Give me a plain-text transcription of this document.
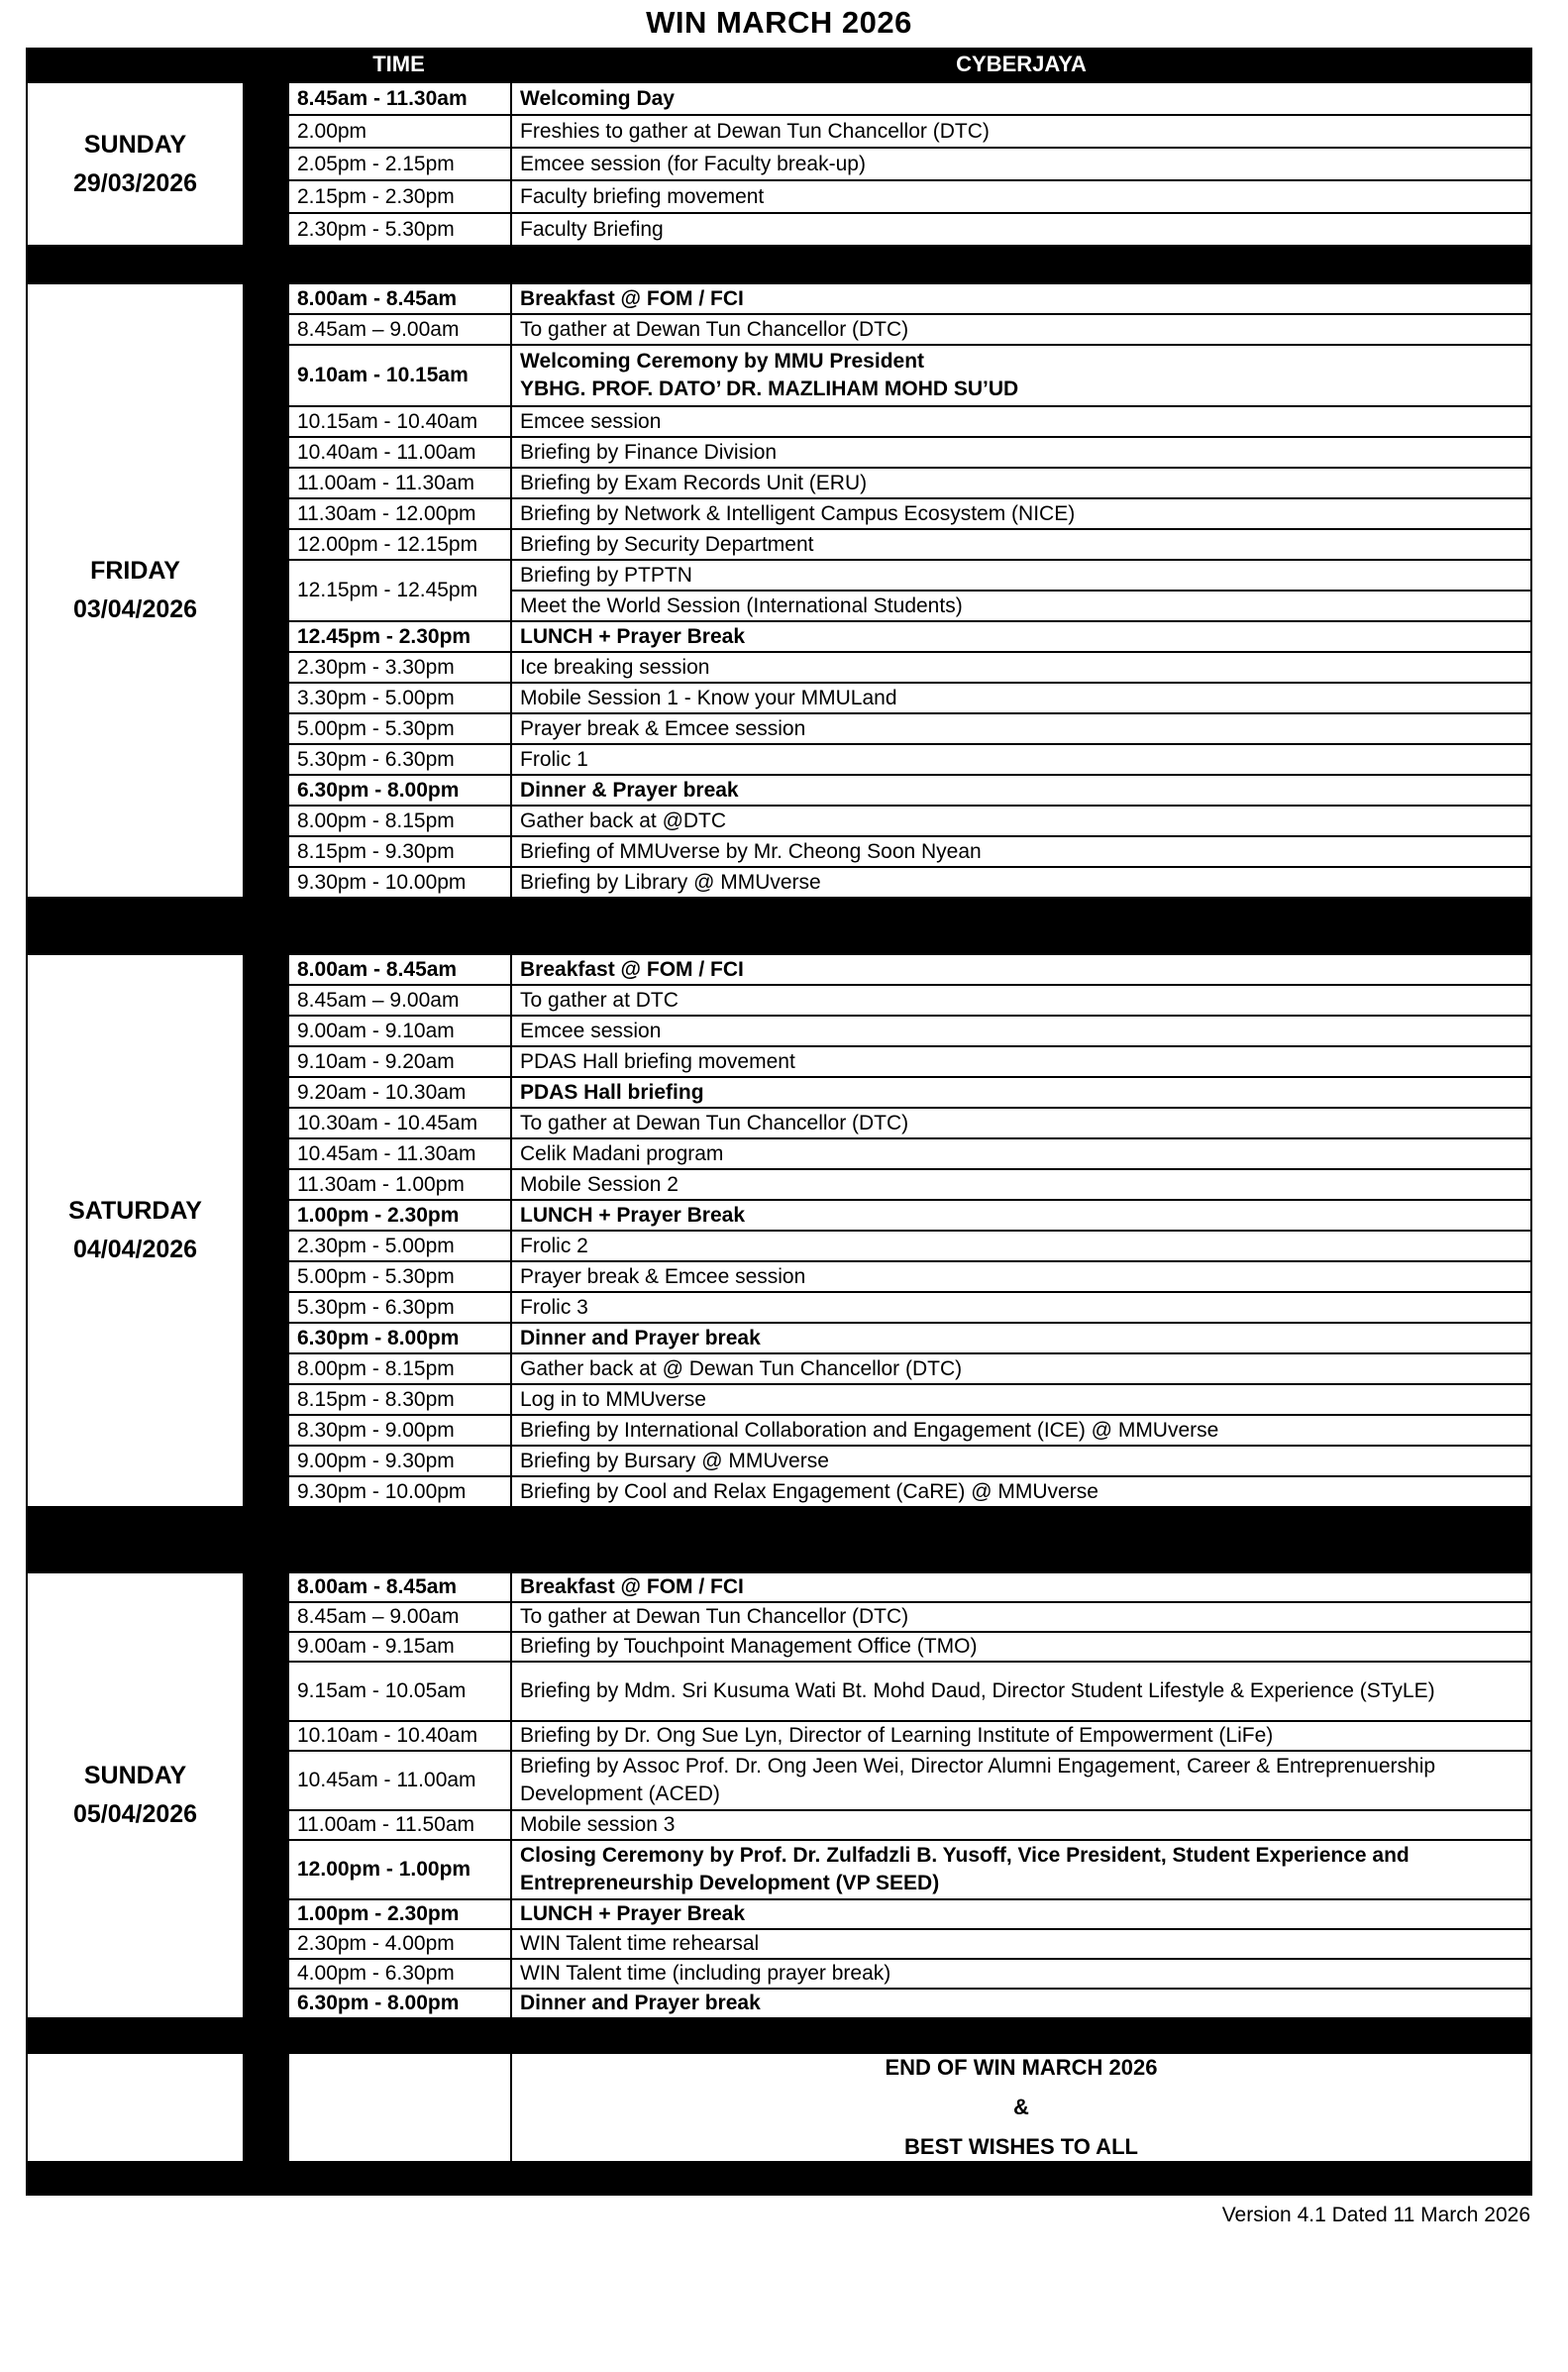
WIN MARCH 2026
TIME	CYBERJAYA
SUNDAY
29/03/2026
8.45am - 11.30am	Welcoming Day

2.00pm	Freshies to gather at Dewan Tun Chancellor (DTC)

2.05pm - 2.15pm	Emcee session (for Faculty break-up)

2.15pm - 2.30pm	Faculty briefing movement

2.30pm - 5.30pm	Faculty Briefing
FRIDAY
03/04/2026
8.00am - 8.45am	Breakfast @ FOM / FCI

8.45am – 9.00am	To gather at Dewan Tun Chancellor (DTC)

9.10am - 10.15am	Welcoming Ceremony by MMU President
YBHG. PROF. DATO’ DR. MAZLIHAM MOHD SU’UD

10.15am - 10.40am	Emcee session

10.40am - 11.00am	Briefing by Finance Division

11.00am - 11.30am	Briefing by Exam Records Unit (ERU)

11.30am - 12.00pm	Briefing by Network & Intelligent Campus Ecosystem (NICE)

12.00pm - 12.15pm	Briefing by Security Department

12.15pm - 12.45pm	Briefing by PTPTN

	Meet the World Session (International Students)

12.45pm - 2.30pm	LUNCH + Prayer Break

2.30pm - 3.30pm	Ice breaking session

3.30pm - 5.00pm	Mobile Session 1 - Know your MMULand

5.00pm - 5.30pm	Prayer break & Emcee session

5.30pm - 6.30pm	Frolic 1

6.30pm - 8.00pm	Dinner & Prayer break

8.00pm - 8.15pm	Gather back at @DTC

8.15pm - 9.30pm	Briefing of MMUverse by Mr. Cheong Soon Nyean

9.30pm - 10.00pm	Briefing by Library @ MMUverse
SATURDAY
04/04/2026
8.00am - 8.45am	Breakfast @ FOM / FCI

8.45am – 9.00am	To gather at DTC

9.00am - 9.10am	Emcee session

9.10am - 9.20am	PDAS Hall briefing movement

9.20am - 10.30am	PDAS Hall briefing

10.30am - 10.45am	To gather at Dewan Tun Chancellor (DTC)

10.45am - 11.30am	Celik Madani program

11.30am - 1.00pm	Mobile Session 2

1.00pm - 2.30pm	LUNCH + Prayer Break

2.30pm - 5.00pm	Frolic 2

5.00pm - 5.30pm	Prayer break & Emcee session

5.30pm - 6.30pm	Frolic 3

6.30pm - 8.00pm	Dinner and Prayer break

8.00pm - 8.15pm	Gather back at @ Dewan Tun Chancellor (DTC)

8.15pm - 8.30pm	Log in to MMUverse

8.30pm - 9.00pm	Briefing by International Collaboration and Engagement (ICE) @ MMUverse

9.00pm - 9.30pm	Briefing by Bursary @ MMUverse

9.30pm - 10.00pm	Briefing by Cool and Relax Engagement (CaRE) @ MMUverse
SUNDAY
05/04/2026
8.00am - 8.45am	Breakfast @ FOM / FCI

8.45am – 9.00am	To gather at Dewan Tun Chancellor (DTC)

9.00am - 9.15am	Briefing by Touchpoint Management Office (TMO)

9.15am - 10.05am	Briefing by Mdm. Sri Kusuma Wati Bt. Mohd Daud, Director Student Lifestyle & Experience (STyLE)

10.10am - 10.40am	Briefing by Dr. Ong Sue Lyn, Director of Learning Institute of Empowerment (LiFe)

10.45am - 11.00am	Briefing by Assoc Prof. Dr. Ong Jeen Wei, Director Alumni Engagement, Career & Entreprenuership
Development (ACED)

11.00am - 11.50am	Mobile session 3

12.00pm - 1.00pm	Closing Ceremony by Prof. Dr. Zulfadzli B. Yusoff, Vice President, Student Experience and
Entrepreneurship Development (VP SEED)

1.00pm - 2.30pm	LUNCH + Prayer Break

2.30pm - 4.00pm	WIN Talent time rehearsal

4.00pm - 6.30pm	WIN Talent time (including prayer break)

6.30pm - 8.00pm	Dinner and Prayer break
END OF WIN MARCH 2026
&
BEST WISHES TO ALL
Version 4.1 Dated 11 March 2026
